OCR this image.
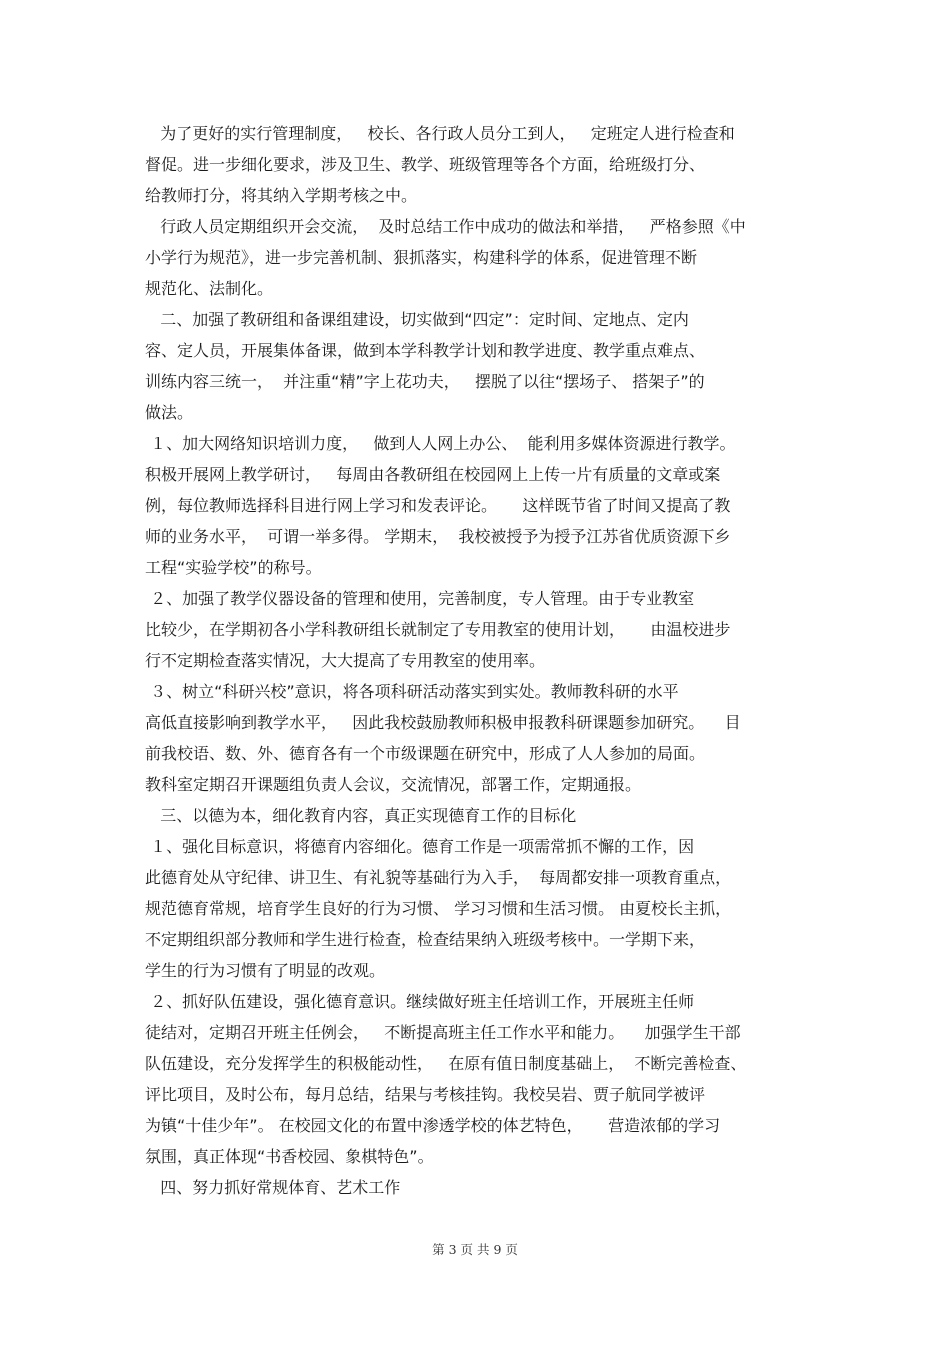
为了更好的实行管理制度，   校长、各行政人员分工到人，   定班定人进行检查和

督促。进一步细化要求，涉及卫生、教学、班级管理等各个方面，给班级打分、

给教师打分，将其纳入学期考核之中。

行政人员定期组织开会交流，  及时总结工作中成功的做法和举措，   严格参照《中

小学行为规范》，进一步完善机制、狠抓落实，构建科学的体系，促进管理不断

规范化、法制化。

二、加强了教研组和备课组建设，切实做到“四定”：定时间、定地点、定内

容、定人员，开展集体备课，做到本学科教学计划和教学进度、教学重点难点、

训练内容三统一，  并注重“精”字上花功夫，   摆脱了以往“摆场子、 搭架子”的

做法。

１、加大网络知识培训力度，   做到人人网上办公、  能利用多媒体资源进行教学。

积极开展网上教学研讨，   每周由各教研组在校园网上上传一片有质量的文章或案

例，每位教师选择科目进行网上学习和发表评论。     这样既节省了时间又提高了教

师的业务水平，  可谓一举多得。 学期末，  我校被授予为授予江苏省优质资源下乡

工程“实验学校”的称号。

２、加强了教学仪器设备的管理和使用，完善制度，专人管理。由于专业教室

比较少，在学期初各小学科教研组长就制定了专用教室的使用计划，     由温校进步

行不定期检查落实情况，大大提高了专用教室的使用率。

３、树立“科研兴校”意识，将各项科研活动落实到实处。教师教科研的水平

高低直接影响到教学水平，   因此我校鼓励教师积极申报教科研课题参加研究。    目

前我校语、数、外、德育各有一个市级课题在研究中，形成了人人参加的局面。

教科室定期召开课题组负责人会议，交流情况，部署工作，定期通报。

三、以德为本，细化教育内容，真正实现德育工作的目标化

１、强化目标意识，将德育内容细化。德育工作是一项需常抓不懈的工作，因

此德育处从守纪律、讲卫生、有礼貌等基础行为入手，  每周都安排一项教育重点，

规范德育常规，培育学生良好的行为习惯、 学习习惯和生活习惯。 由夏校长主抓，

不定期组织部分教师和学生进行检查，检查结果纳入班级考核中。一学期下来，

学生的行为习惯有了明显的改观。

２、抓好队伍建设，强化德育意识。继续做好班主任培训工作，开展班主任师

徒结对，定期召开班主任例会，   不断提高班主任工作水平和能力。    加强学生干部

队伍建设，充分发挥学生的积极能动性，   在原有值日制度基础上，  不断完善检查、

评比项目，及时公布，每月总结，结果与考核挂钩。我校吴岩、贾子航同学被评

为镇“十佳少年”。 在校园文化的布置中渗透学校的体艺特色，     营造浓郁的学习

氛围，真正体现“书香校园、象棋特色”。

四、努力抓好常规体育、艺术工作

第 3 页 共 9 页
